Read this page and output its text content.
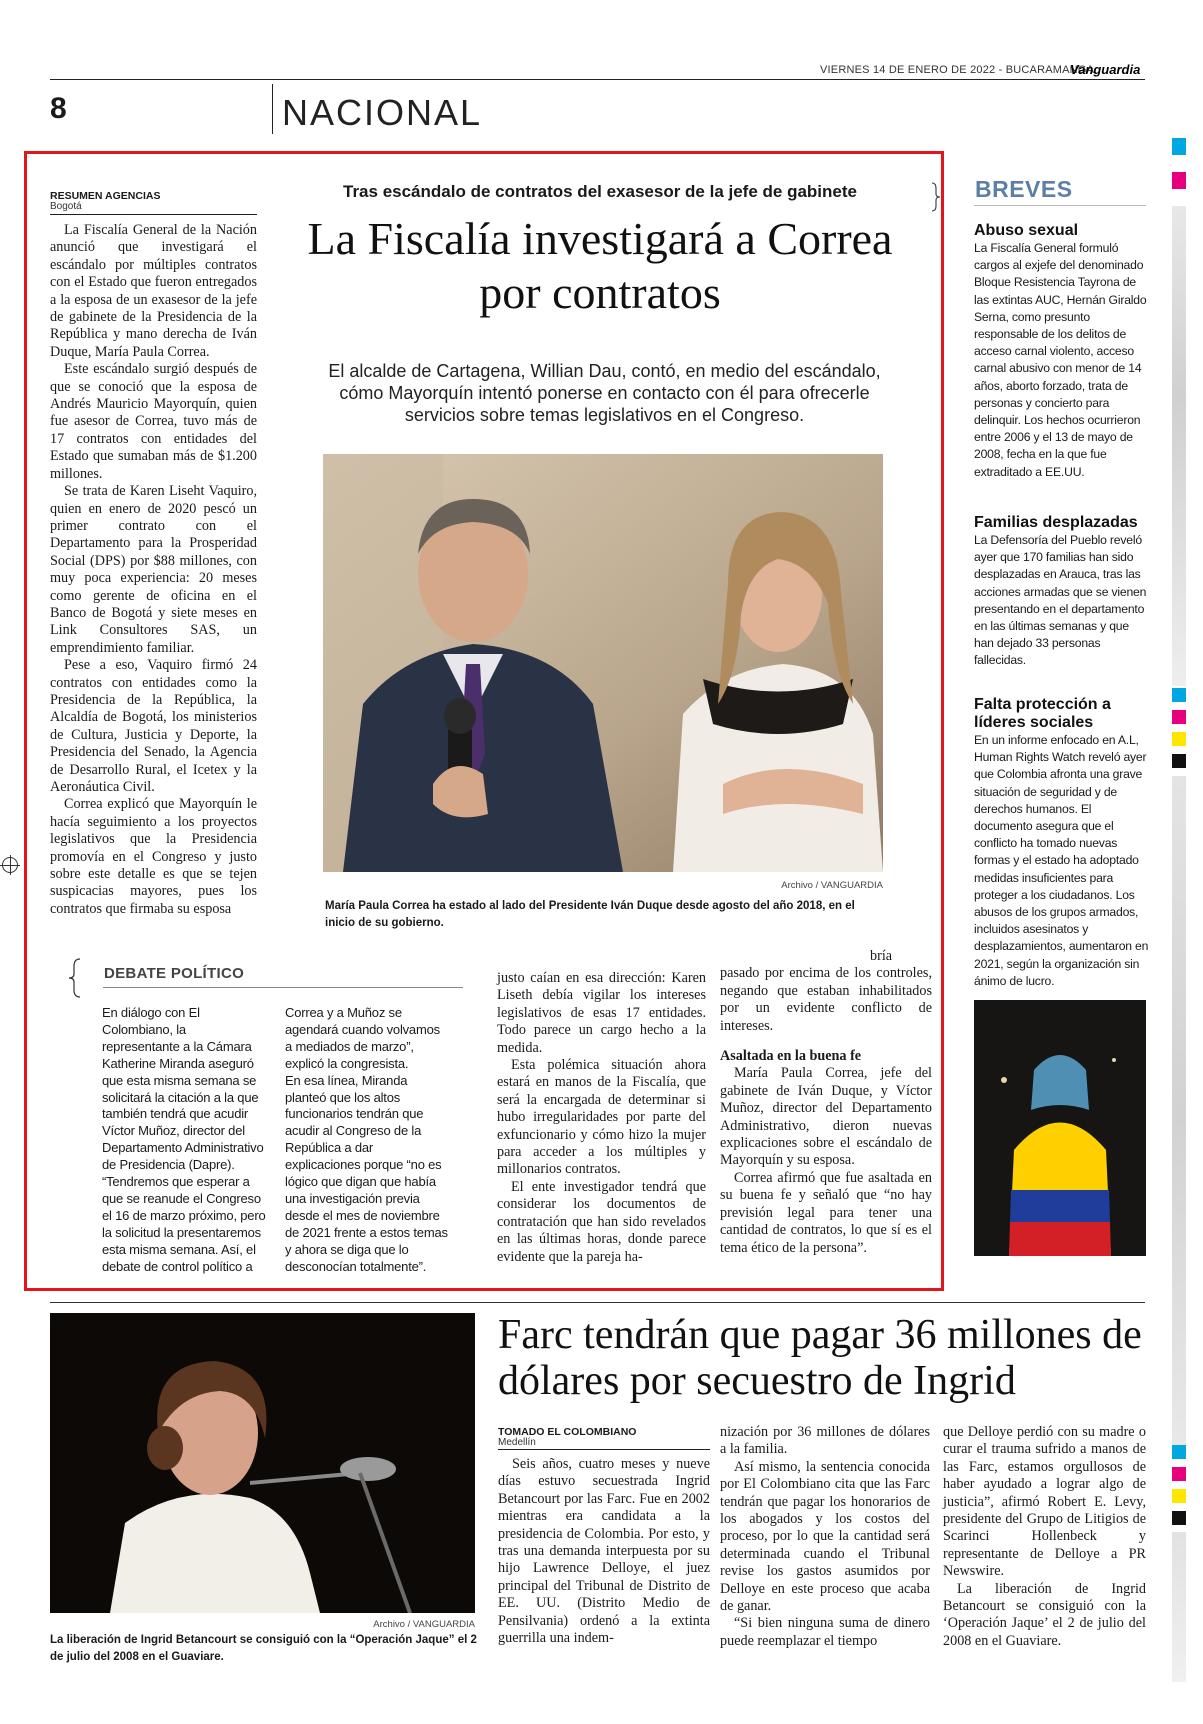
VIERNES 14 DE ENERO DE 2022 - BUCARAMANGA
Vanguardia
8	NACIONAL
RESUMEN AGENCIAS
Bogotá

La Fiscalía General de la Nación anunció que investigará el escándalo por múltiples contratos con el Estado que fueron entregados a la esposa de un exasesor de la jefe de gabinete de la Presidencia de la República y mano derecha de Iván Duque, María Paula Correa.

Este escándalo surgió después de que se conoció que la esposa de Andrés Mauricio Mayorquín, quien fue asesor de Correa, tuvo más de 17 contratos con entidades del Estado que sumaban más de $1.200 millones.

Se trata de Karen Liseht Vaquiro, quien en enero de 2020 pescó un primer contrato con el Departamento para la Prosperidad Social (DPS) por $88 millones, con muy poca experiencia: 20 meses como gerente de oficina en el Banco de Bogotá y siete meses en Link Consultores SAS, un emprendimiento familiar.

Pese a eso, Vaquiro firmó 24 contratos con entidades como la Presidencia de la República, la Alcaldía de Bogotá, los ministerios de Cultura, Justicia y Deporte, la Presidencia del Senado, la Agencia de Desarrollo Rural, el Icetex y la Aeronáutica Civil.

Correa explicó que Mayorquín le hacía seguimiento a los proyectos legislativos que la Presidencia promovía en el Congreso y justo sobre este detalle es que se tejen suspicacias mayores, pues los contratos que firmaba su esposa

Tras escándalo de contratos del exasesor de la jefe de gabinete
La Fiscalía investigará a Correa por contratos
El alcalde de Cartagena, Willian Dau, contó, en medio del escándalo, cómo Mayorquín intentó ponerse en contacto con él para ofrecerle servicios sobre temas legislativos en el Congreso.
Archivo / VANGUARDIA
María Paula Correa ha estado al lado del Presidente Iván Duque desde agosto del año 2018, en el inicio de su gobierno.
DEBATE POLÍTICO

En diálogo con El Colombiano, la representante a la Cámara Katherine Miranda aseguró que esta misma semana se solicitará la citación a la que también tendrá que acudir Víctor Muñoz, director del Departamento Administrativo de Presidencia (Dapre).

“Tendremos que esperar a que se reanude el Congreso el 16 de marzo próximo, pero la solicitud la presentaremos esta misma semana. Así, el debate de control político a

Correa y a Muñoz se agendará cuando volvamos a mediados de marzo”, explicó la congresista.

En esa línea, Miranda planteó que los altos funcionarios tendrán que acudir al Congreso de la República a dar explicaciones porque “no es lógico que digan que había una investigación previa desde el mes de noviembre de 2021 frente a estos temas y ahora se diga que lo desconocían totalmente”.

justo caían en esa dirección: Karen Liseth debía vigilar los intereses legislativos de esas 17 entidades. Todo parece un cargo hecho a la medida.

Esta polémica situación ahora estará en manos de la Fiscalía, que será la encargada de determinar si hubo irregularidades por parte del exfuncionario y cómo hizo la mujer para acceder a los múltiples y millonarios contratos.

El ente investigador tendrá que considerar los documentos de contratación que han sido revelados en las últimas horas, donde parece evidente que la pareja ha-

bría pasado por encima de los controles, negando que estaban inhabilitados por un evidente conflicto de intereses.

Asaltada en la buena fe

María Paula Correa, jefe del gabinete de Iván Duque, y Víctor Muñoz, director del Departamento Administrativo, dieron nuevas explicaciones sobre el escándalo de Mayorquín y su esposa.

Correa afirmó que fue asaltada en su buena fe y señaló que “no hay previsión legal para tener una cantidad de contratos, lo que sí es el tema ético de la persona”.

BREVES
Abuso sexual
La Fiscalía General formuló cargos al exjefe del denominado Bloque Resistencia Tayrona de las extintas AUC, Hernán Giraldo Serna, como presunto responsable de los delitos de acceso carnal violento, acceso carnal abusivo con menor de 14 años, aborto forzado, trata de personas y concierto para delinquir. Los hechos ocurrieron entre 2006 y el 13 de mayo de 2008, fecha en la que fue extraditado a EE.UU.
Familias desplazadas
La Defensoría del Pueblo reveló ayer que 170 familias han sido desplazadas en Arauca, tras las acciones armadas que se vienen presentando en el departamento en las últimas semanas y que han dejado 33 personas fallecidas.
Falta protección a líderes sociales
En un informe enfocado en A.L, Human Rights Watch reveló ayer que Colombia afronta una grave situación de seguridad y de derechos humanos. El documento asegura que el conflicto ha tomado nuevas formas y el estado ha adoptado medidas insuficientes para proteger a los ciudadanos. Los abusos de los grupos armados, incluidos asesinatos y desplazamientos, aumentaron en 2021, según la organización sin ánimo de lucro.
Archivo / VANGUARDIA
La liberación de Ingrid Betancourt se consiguió con la “Operación Jaque” el 2 de julio del 2008 en el Guaviare.
Farc tendrán que pagar 36 millones de dólares por secuestro de Ingrid
TOMADO EL COLOMBIANO
Medellín

Seis años, cuatro meses y nueve días estuvo secuestrada Ingrid Betancourt por las Farc. Fue en 2002 mientras era candidata a la presidencia de Colombia. Por esto, y tras una demanda interpuesta por su hijo Lawrence Delloye, el juez principal del Tribunal de Distrito de EE. UU. (Distrito Medio de Pensilvania) ordenó a la extinta guerrilla una indem-

nización por 36 millones de dólares a la familia.

Así mismo, la sentencia conocida por El Colombiano cita que las Farc tendrán que pagar los honorarios de los abogados y los costos del proceso, por lo que la cantidad será determinada cuando el Tribunal revise los gastos asumidos por Delloye en este proceso que acaba de ganar.

“Si bien ninguna suma de dinero puede reemplazar el tiempo

que Delloye perdió con su madre o curar el trauma sufrido a manos de las Farc, estamos orgullosos de haber ayudado a lograr algo de justicia”, afirmó Robert E. Levy, presidente del Grupo de Litigios de Scarinci Hollenbeck y representante de Delloye a PR Newswire.

La liberación de Ingrid Betancourt se consiguió con la ‘Operación Jaque’ el 2 de julio del 2008 en el Guaviare.
